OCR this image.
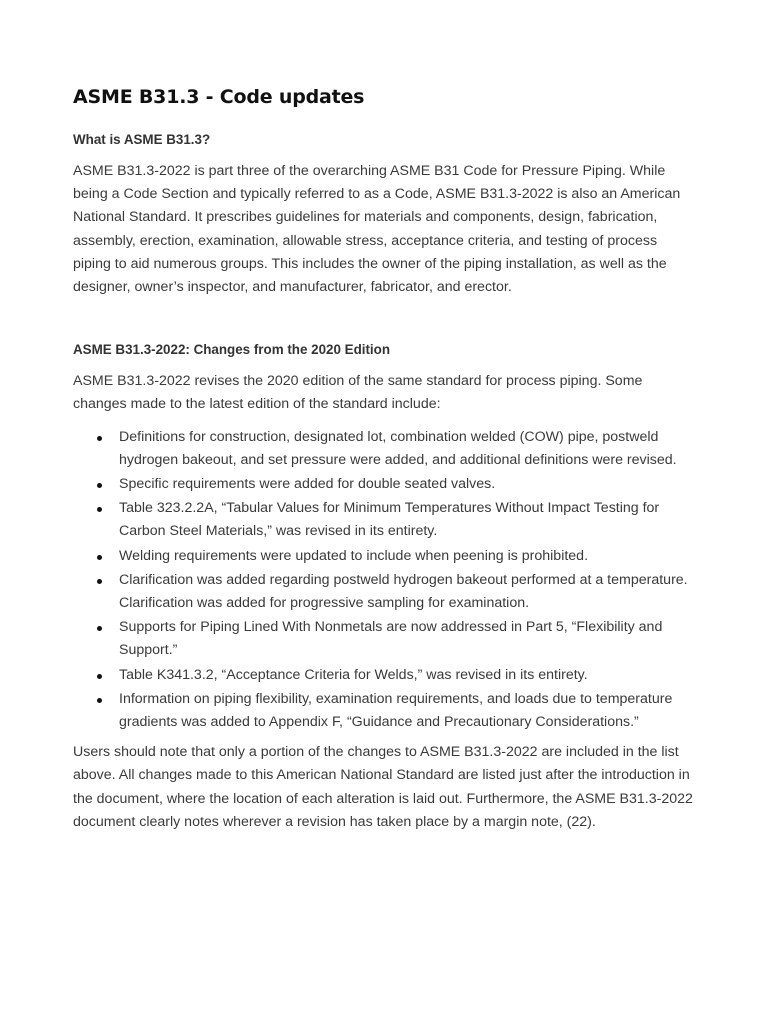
ASME B31.3 - Code updates
What is ASME B31.3?

ASME B31.3-2022 is part three of the overarching ASME B31 Code for Pressure Piping. While being a Code Section and typically referred to as a Code, ASME B31.3-2022 is also an American National Standard. It prescribes guidelines for materials and components, design, fabrication, assembly, erection, examination, allowable stress, acceptance criteria, and testing of process piping to aid numerous groups. This includes the owner of the piping installation, as well as the designer, owner’s inspector, and manufacturer, fabricator, and erector.

ASME B31.3-2022: Changes from the 2020 Edition

ASME B31.3-2022 revises the 2020 edition of the same standard for process piping. Some changes made to the latest edition of the standard include:

Definitions for construction, designated lot, combination welded (COW) pipe, postweld hydrogen bakeout, and set pressure were added, and additional definitions were revised.
Specific requirements were added for double seated valves.
Table 323.2.2A, “Tabular Values for Minimum Temperatures Without Impact Testing for Carbon Steel Materials,” was revised in its entirety.
Welding requirements were updated to include when peening is prohibited.
Clarification was added regarding postweld hydrogen bakeout performed at a temperature. Clarification was added for progressive sampling for examination.
Supports for Piping Lined With Nonmetals are now addressed in Part 5, “Flexibility and Support.”
Table K341.3.2, “Acceptance Criteria for Welds,” was revised in its entirety.
Information on piping flexibility, examination requirements, and loads due to temperature gradients was added to Appendix F, “Guidance and Precautionary Considerations.”

Users should note that only a portion of the changes to ASME B31.3-2022 are included in the list above. All changes made to this American National Standard are listed just after the introduction in the document, where the location of each alteration is laid out. Furthermore, the ASME B31.3-2022 document clearly notes wherever a revision has taken place by a margin note, (22).
